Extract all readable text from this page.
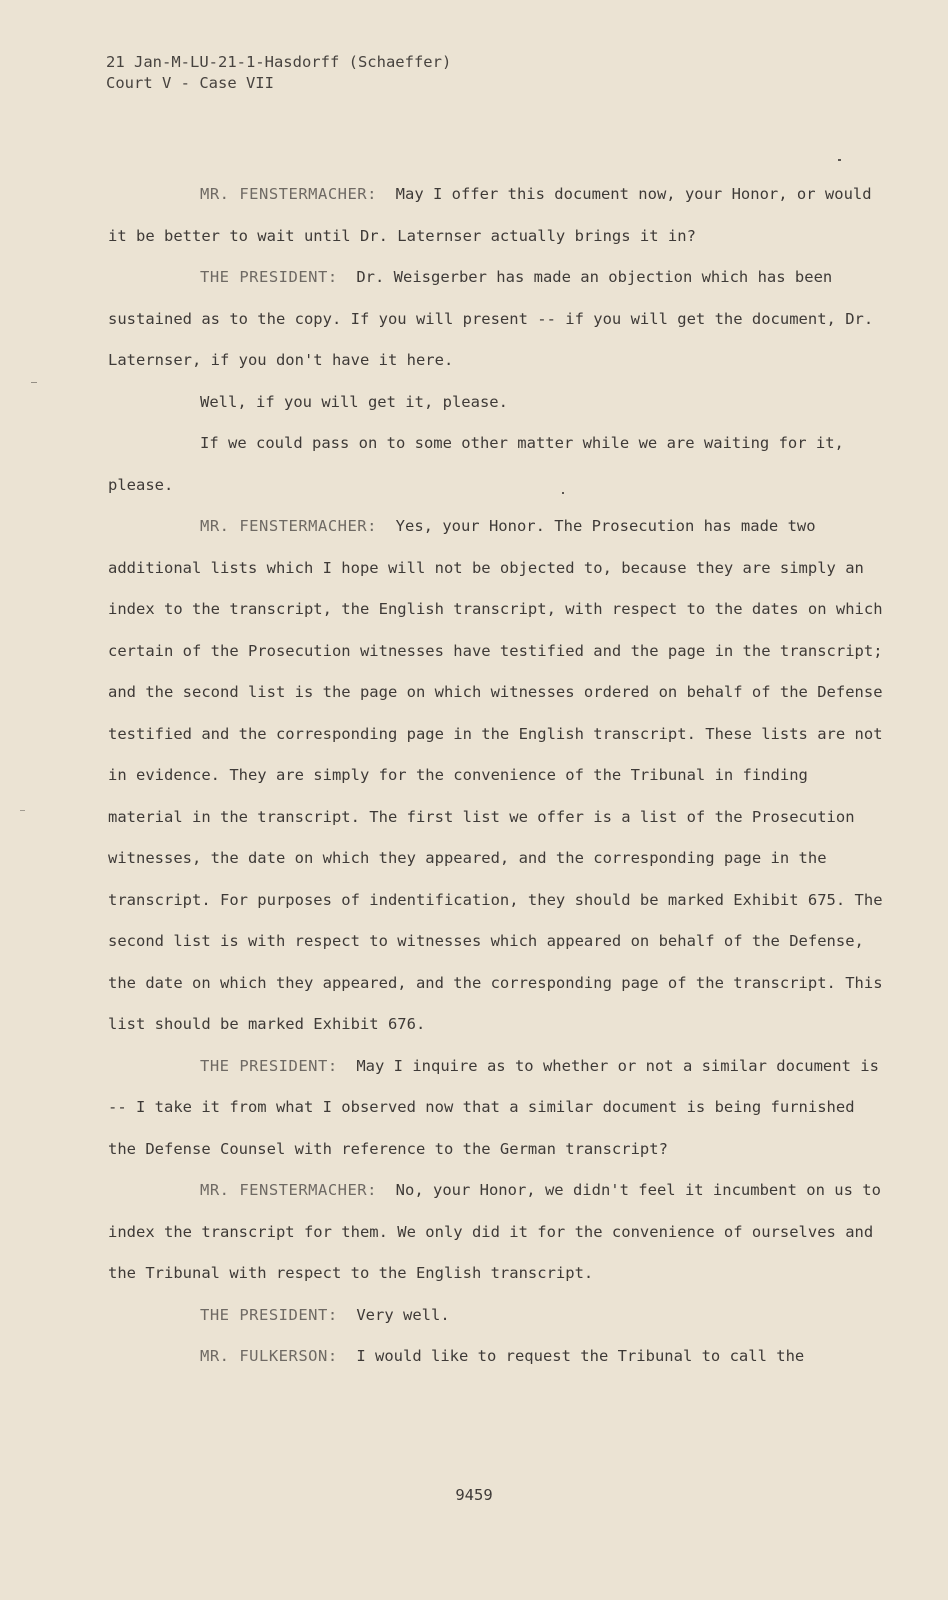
21 Jan-M-LU-21-1-Hasdorff (Schaeffer)
Court V - Case VII

MR. FENSTERMACHER: May I offer this document now, your Honor, or would it be better to wait until Dr. Laternser actually brings it in?

THE PRESIDENT: Dr. Weisgerber has made an objection which has been sustained as to the copy. If you will present -- if you will get the document, Dr. Laternser, if you don't have it here.

Well, if you will get it, please.

If we could pass on to some other matter while we are waiting for it, please.

MR. FENSTERMACHER: Yes, your Honor. The Prosecution has made two additional lists which I hope will not be objected to, because they are simply an index to the transcript, the English transcript, with respect to the dates on which certain of the Prosecution witnesses have testified and the page in the transcript; and the second list is the page on which witnesses ordered on behalf of the Defense testified and the corresponding page in the English transcript. These lists are not in evidence. They are simply for the convenience of the Tribunal in finding material in the transcript. The first list we offer is a list of the Prosecution witnesses, the date on which they appeared, and the corresponding page in the transcript. For purposes of indentification, they should be marked Exhibit 675. The second list is with respect to witnesses which appeared on behalf of the Defense, the date on which they appeared, and the corresponding page of the transcript. This list should be marked Exhibit 676.

THE PRESIDENT: May I inquire as to whether or not a similar document is -- I take it from what I observed now that a similar document is being furnished the Defense Counsel with reference to the German transcript?

MR. FENSTERMACHER: No, your Honor, we didn't feel it incumbent on us to index the transcript for them. We only did it for the convenience of ourselves and the Tribunal with respect to the English transcript.

THE PRESIDENT: Very well.

MR. FULKERSON: I would like to request the Tribunal to call the

9459
